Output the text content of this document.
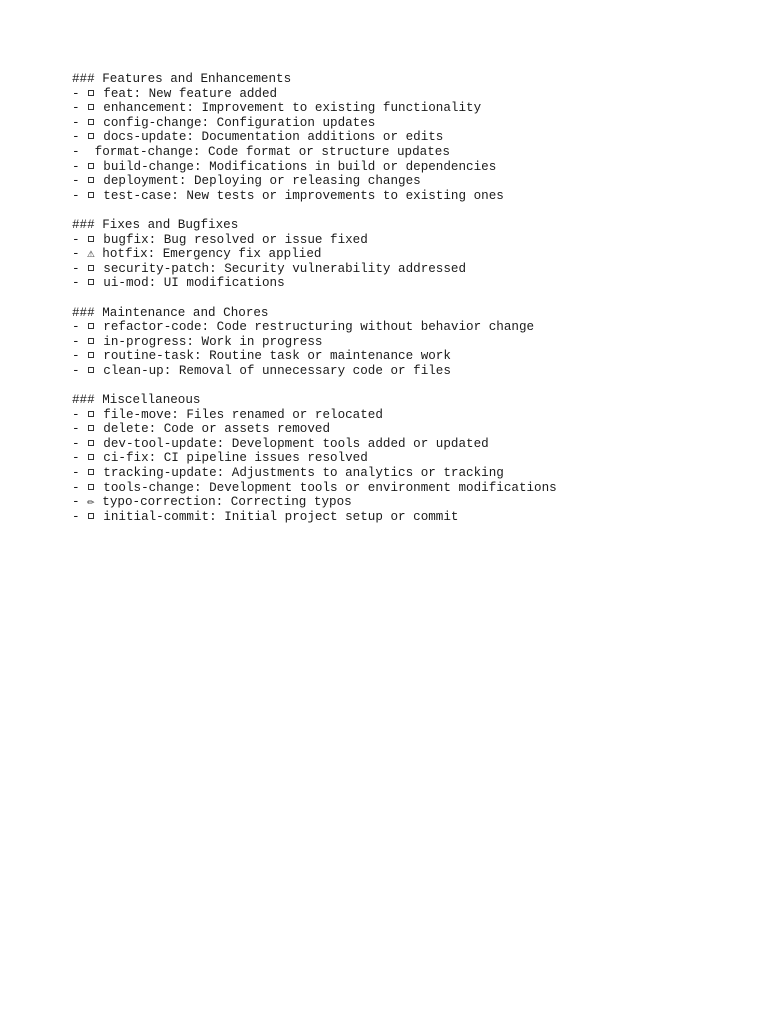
### Features and Enhancements
-  feat: New feature added
-  enhancement: Improvement to existing functionality
-  config-change: Configuration updates
-  docs-update: Documentation additions or edits
-  format-change: Code format or structure updates
-  build-change: Modifications in build or dependencies
-  deployment: Deploying or releasing changes
-  test-case: New tests or improvements to existing ones
### Fixes and Bugfixes
-  bugfix: Bug resolved or issue fixed
- ⚠ hotfix: Emergency fix applied
-  security-patch: Security vulnerability addressed
-  ui-mod: UI modifications
### Maintenance and Chores
-  refactor-code: Code restructuring without behavior change
-  in-progress: Work in progress
-  routine-task: Routine task or maintenance work
-  clean-up: Removal of unnecessary code or files
### Miscellaneous
-  file-move: Files renamed or relocated
-  delete: Code or assets removed
-  dev-tool-update: Development tools added or updated
-  ci-fix: CI pipeline issues resolved
-  tracking-update: Adjustments to analytics or tracking
-  tools-change: Development tools or environment modifications
- ✏ typo-correction: Correcting typos
-  initial-commit: Initial project setup or commit
